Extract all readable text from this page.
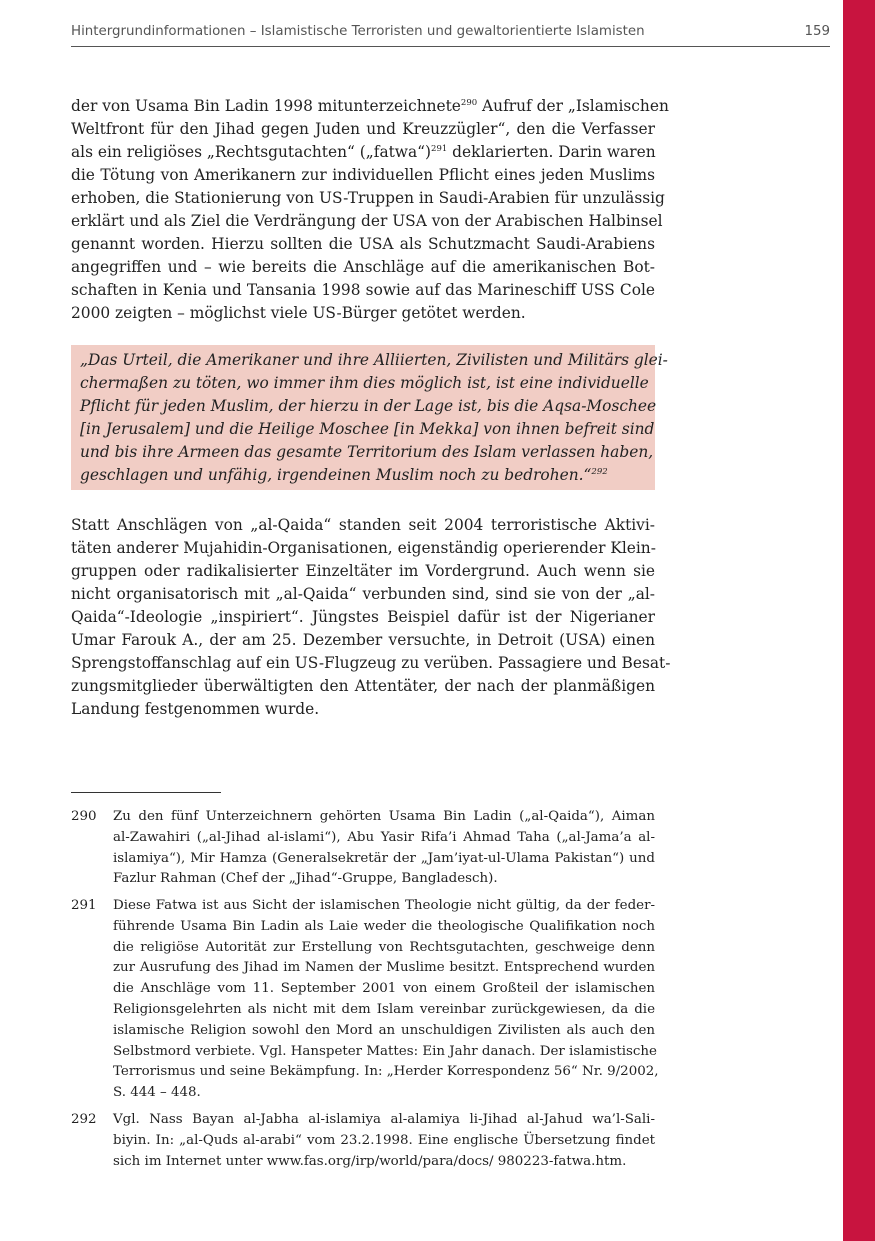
Hintergrundinformationen – Islamistische Terroristen und gewaltorientierte Islamisten	159
der von Usama Bin Ladin 1998 mitunterzeichnete$^{290}$ Aufruf der „Islamischen
Weltfront für den Jihad gegen Juden und Kreuzzügler“, den die Verfasser
als ein religiöses „Rechtsgutachten“ („fatwa“)$^{291}$ deklarierten. Darin waren
die Tötung von Amerikanern zur individuellen Pflicht eines jeden Muslims
erhoben, die Stationierung von US-Truppen in Saudi-Arabien für unzulässig
erklärt und als Ziel die Verdrängung der USA von der Arabischen Halbinsel
genannt worden. Hierzu sollten die USA als Schutzmacht Saudi-Arabiens
angegriffen und – wie bereits die Anschläge auf die amerikanischen Bot-
schaften in Kenia und Tansania 1998 sowie auf das Marineschiff USS Cole
2000 zeigten – möglichst viele US-Bürger getötet werden.
„Das Urteil, die Amerikaner und ihre Alliierten, Zivilisten und Militärs glei-
chermaßen zu töten, wo immer ihm dies möglich ist, ist eine individuelle
Pflicht für jeden Muslim, der hierzu in der Lage ist, bis die Aqsa-Moschee
[in Jerusalem] und die Heilige Moschee [in Mekka] von ihnen befreit sind
und bis ihre Armeen das gesamte Territorium des Islam verlassen haben,
geschlagen und unfähig, irgendeinen Muslim noch zu bedrohen.“$^{292}$
Statt Anschlägen von „al-Qaida“ standen seit 2004 terroristische Aktivi-
täten anderer Mujahidin-Organisationen, eigenständig operierender Klein-
gruppen oder radikalisierter Einzeltäter im Vordergrund. Auch wenn sie
nicht organisatorisch mit „al-Qaida“ verbunden sind, sind sie von der „al-
Qaida“-Ideologie „inspiriert“. Jüngstes Beispiel dafür ist der Nigerianer
Umar Farouk A., der am 25. Dezember versuchte, in Detroit (USA) einen
Sprengstoffanschlag auf ein US-Flugzeug zu verüben. Passagiere und Besat-
zungsmitglieder überwältigten den Attentäter, der nach der planmäßigen
Landung festgenommen wurde.
290 Zu den fünf Unterzeichnern gehörten Usama Bin Ladin („al-Qaida“), Aiman
al-Zawahiri („al-Jihad al-islami“), Abu Yasir Rifa’i Ahmad Taha („al-Jama’a al-
islamiya“), Mir Hamza (Generalsekretär der „Jam’iyat-ul-Ulama Pakistan“) und
Fazlur Rahman (Chef der „Jihad“-Gruppe, Bangladesch).
291 Diese Fatwa ist aus Sicht der islamischen Theologie nicht gültig, da der feder-
führende Usama Bin Ladin als Laie weder die theologische Qualifikation noch
die religiöse Autorität zur Erstellung von Rechtsgutachten, geschweige denn
zur Ausrufung des Jihad im Namen der Muslime besitzt. Entsprechend wurden
die Anschläge vom 11. September 2001 von einem Großteil der islamischen
Religionsgelehrten als nicht mit dem Islam vereinbar zurückgewiesen, da die
islamische Religion sowohl den Mord an unschuldigen Zivilisten als auch den
Selbstmord verbiete. Vgl. Hanspeter Mattes: Ein Jahr danach. Der islamistische
Terrorismus und seine Bekämpfung. In: „Herder Korrespondenz 56“ Nr. 9/2002,
S. 444 – 448.
292 Vgl. Nass Bayan al-Jabha al-islamiya al-alamiya li-Jihad al-Jahud wa’l-Sali-
biyin. In: „al-Quds al-arabi“ vom 23.2.1998. Eine englische Übersetzung findet
sich im Internet unter www.fas.org/irp/world/para/docs/ 980223-fatwa.htm.
